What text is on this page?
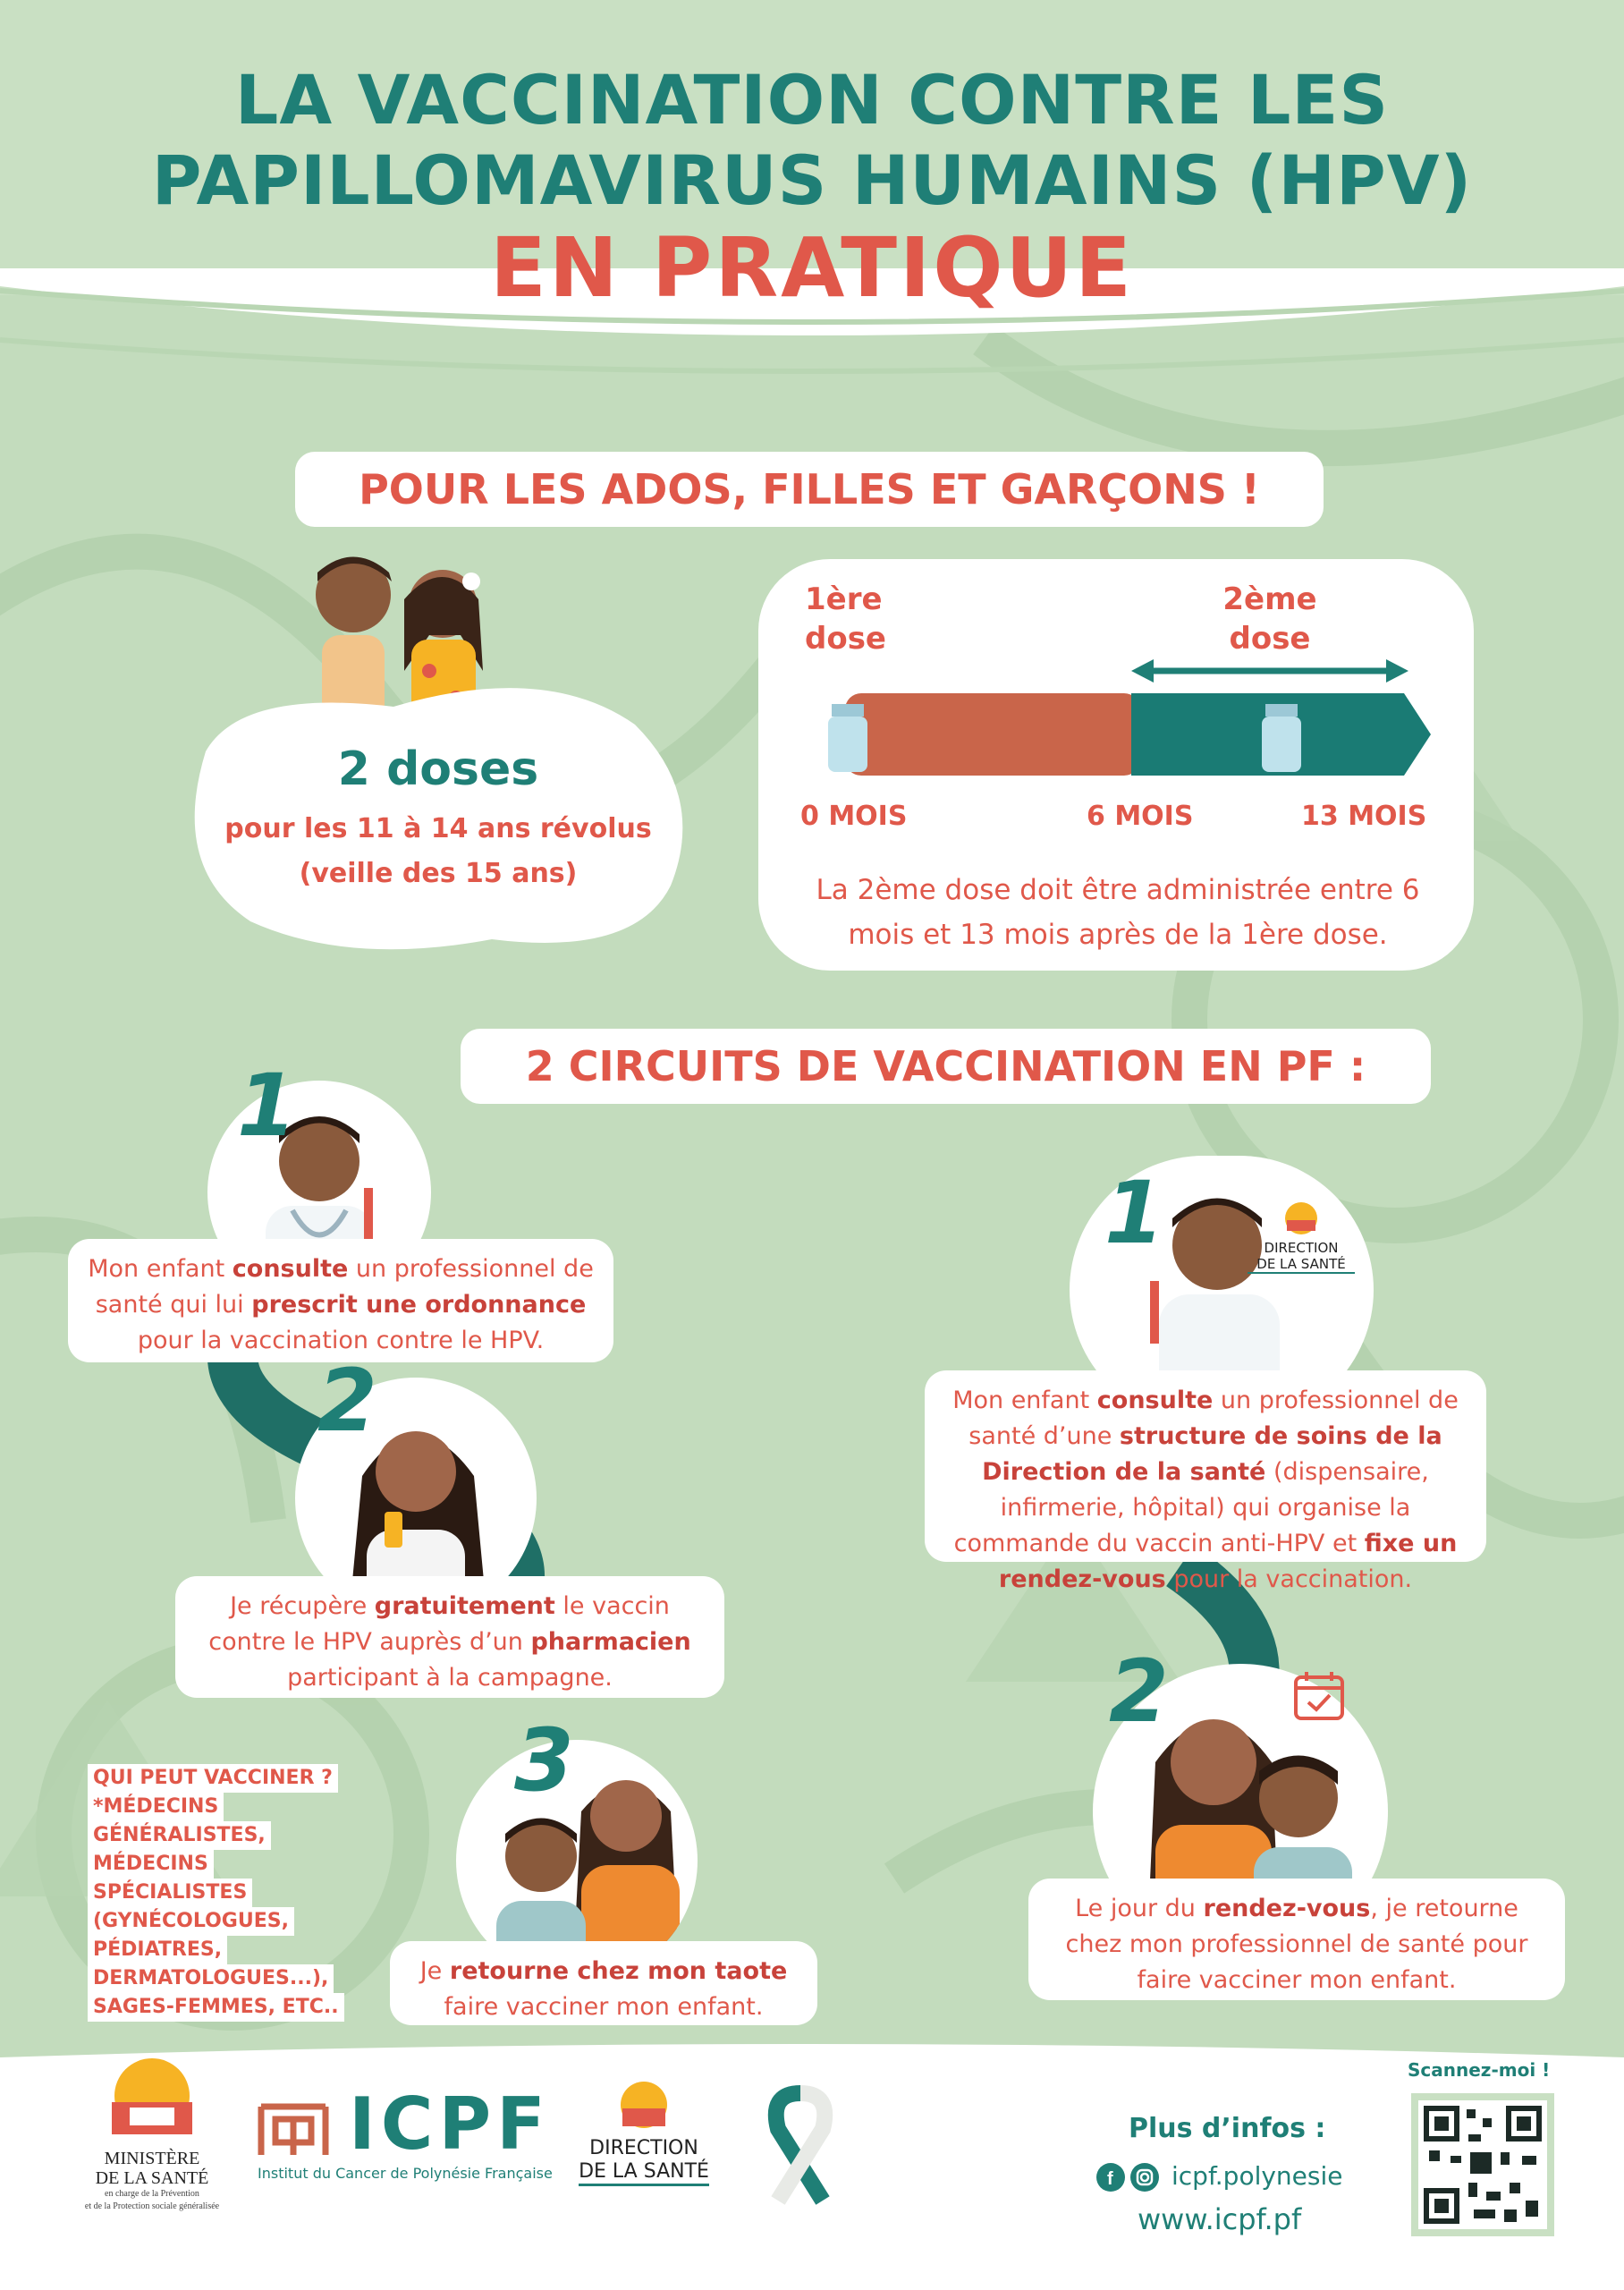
LA VACCINATION CONTRE LES
PAPILLOMAVIRUS HUMAINS (HPV)
EN PRATIQUE
POUR LES ADOS, FILLES ET GARÇONS !
2 doses
pour les 11 à 14 ans révolus
(veille des 15 ans)
1ère
dose
2ème
dose
0 MOIS	6 MOIS	13 MOIS
La 2ème dose doit être administrée entre 6
mois et 13 mois après de la 1ère dose.
2 CIRCUITS DE VACCINATION EN PF :
1
Mon enfant consulte un professionnel de santé qui lui prescrit une ordonnance pour la vaccination contre le HPV.
2
Je récupère gratuitement le vaccin contre le HPV auprès d’un pharmacien participant à la campagne.
3
Je retourne chez mon taote faire vacciner mon enfant.
QUI PEUT VACCINER ?
*MÉDECINS
GÉNÉRALISTES,
MÉDECINS
SPÉCIALISTES
(GYNÉCOLOGUES,
PÉDIATRES,
DERMATOLOGUES...),
SAGES-FEMMES, ETC..
1	DIRECTION
DE LA SANTÉ
Mon enfant consulte un professionnel de santé d’une structure de soins de la Direction de la santé (dispensaire, infirmerie, hôpital) qui organise la commande du vaccin anti-HPV et fixe un rendez-vous pour la vaccination.
2
Le jour du rendez-vous, je retourne chez mon professionnel de santé pour faire vacciner mon enfant.
MINISTÈRE
DE LA SANTÉ
en charge de la Prévention
et de la Protection sociale généralisée
ICPF
Institut du Cancer de Polynésie Française
DIRECTION
DE LA SANTÉ
Plus d’infos :
f icpf.polynesie
www.icpf.pf
Scannez-moi !
